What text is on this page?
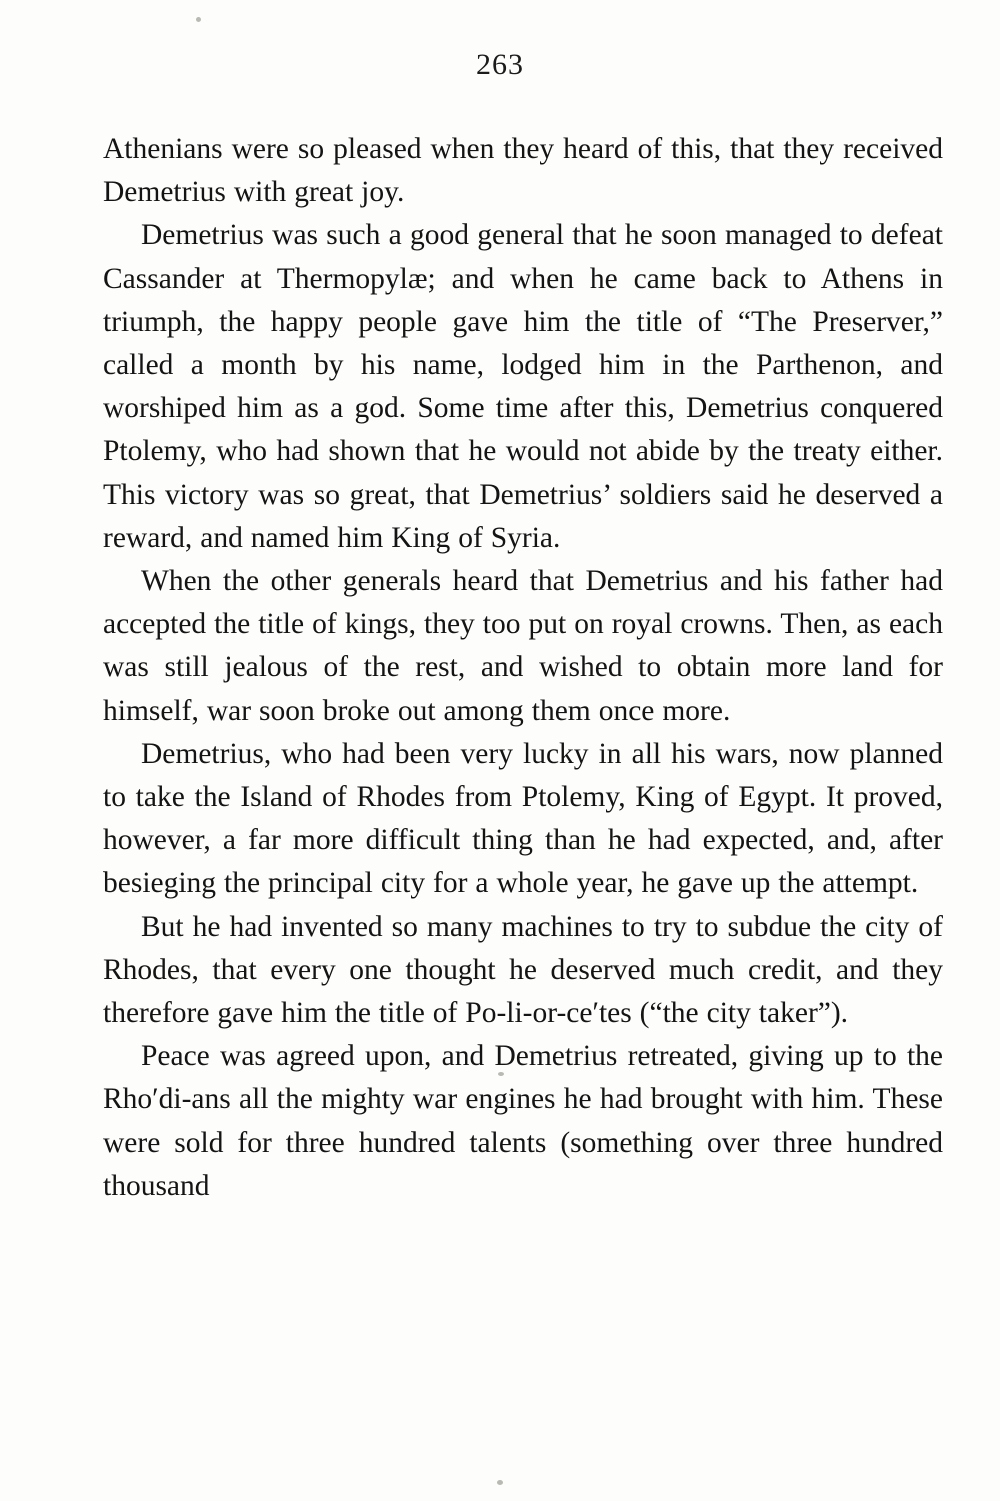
263

Athenians were so pleased when they heard of this, that they received Demetrius with great joy.

Demetrius was such a good general that he soon managed to defeat Cassander at Thermopylæ; and when he came back to Athens in triumph, the happy people gave him the title of “The Preserver,” called a month by his name, lodged him in the Parthenon, and worshiped him as a god. Some time after this, Demetrius conquered Ptolemy, who had shown that he would not abide by the treaty either. This victory was so great, that Demetrius’ soldiers said he deserved a reward, and named him King of Syria.

When the other generals heard that Demetrius and his father had accepted the title of kings, they too put on royal crowns. Then, as each was still jealous of the rest, and wished to obtain more land for himself, war soon broke out among them once more.

Demetrius, who had been very lucky in all his wars, now planned to take the Island of Rhodes from Ptolemy, King of Egypt. It proved, however, a far more difficult thing than he had expected, and, after besieging the principal city for a whole year, he gave up the attempt.

But he had invented so many machines to try to subdue the city of Rhodes, that every one thought he deserved much credit, and they therefore gave him the title of Po-li-or-ce′tes (“the city taker”).

Peace was agreed upon, and Demetrius retreated, giving up to the Rho′di-ans all the mighty war engines he had brought with him. These were sold for three hundred talents (something over three hundred thousand
